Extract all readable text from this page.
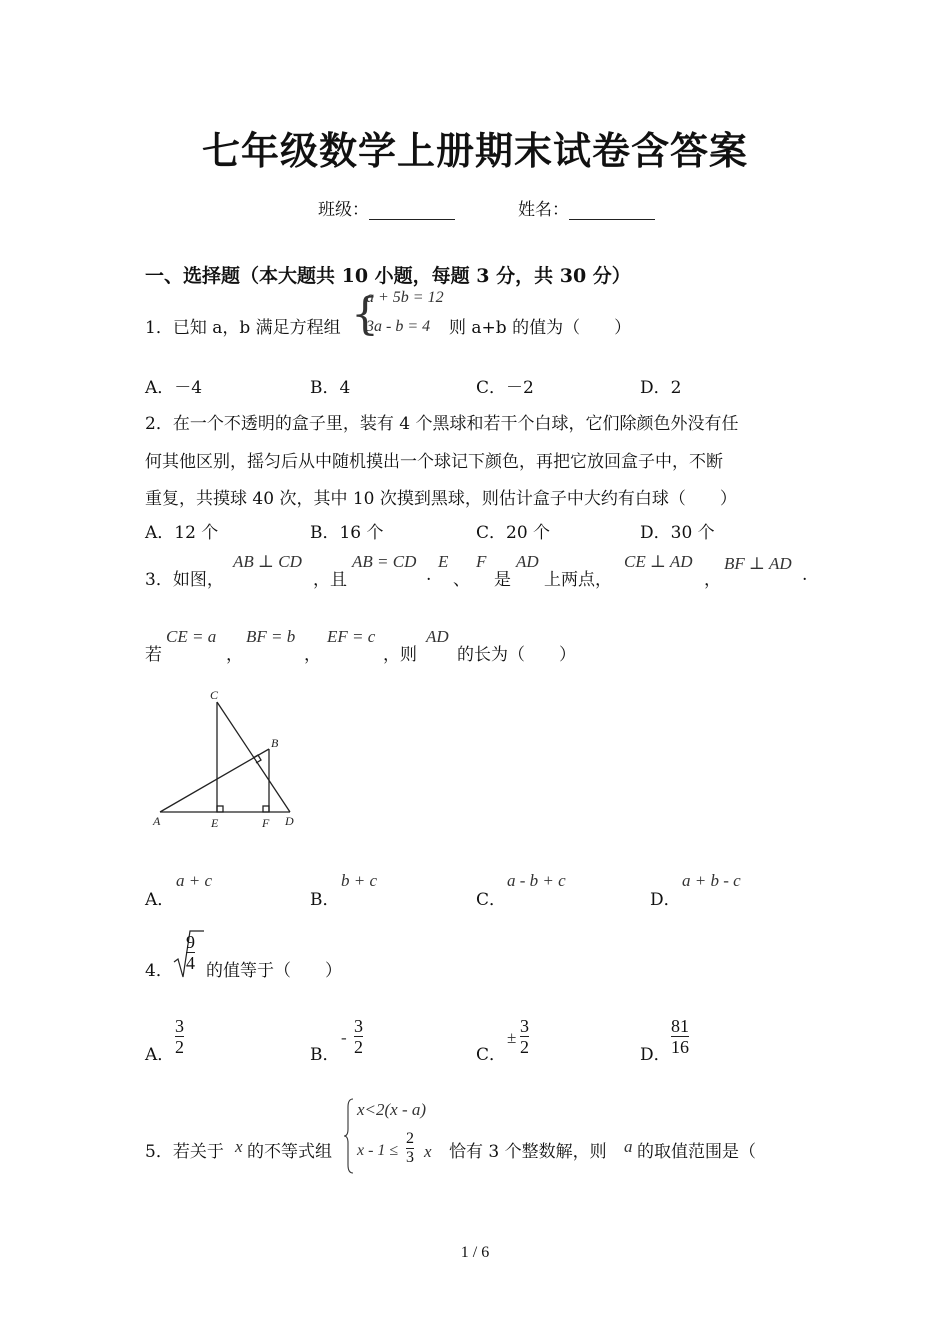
七年级数学上册期末试卷含答案
班级：	姓名：
一、选择题（本大题共 10 小题，每题 3 分，共 30 分）
1．已知 a，b 满足方程组 {
a + 5b = 12
3a - b = 4 则 a+b 的值为（　　）
A．－4	B．4	C．－2	D．2
2．在一个不透明的盒子里，装有 4 个黑球和若干个白球，它们除颜色外没有任
何其他区别，摇匀后从中随机摸出一个球记下颜色，再把它放回盒子中，不断
重复，共摸球 40 次，其中 10 次摸到黑球，则估计盒子中大约有白球（　　）
A．12 个	B．16 个	C．20 个	D．30 个
3．如图，
AB ⊥ CD
，且
AB = CD
.
E
、
F
是
AD
上两点，
CE ⊥ AD
，
BF ⊥ AD
.
若
CE = a
，
BF = b
，
EF = c
，则
AD
的长为（　　）
C
B
A	E	F D
A．
a + c
B．
b + c
C．
a - b + c
D．
a + b - c
4．
9
4 的值等于（　　）
A．
3
2	B．
-
3
2	C．
±
3
2	D．
81
16
5．若关于 x 的不等式组
x<2(x - a)
x - 1 ≤
2
3 x 恰有 3 个整数解，则 a 的取值范围是（
1 / 6
